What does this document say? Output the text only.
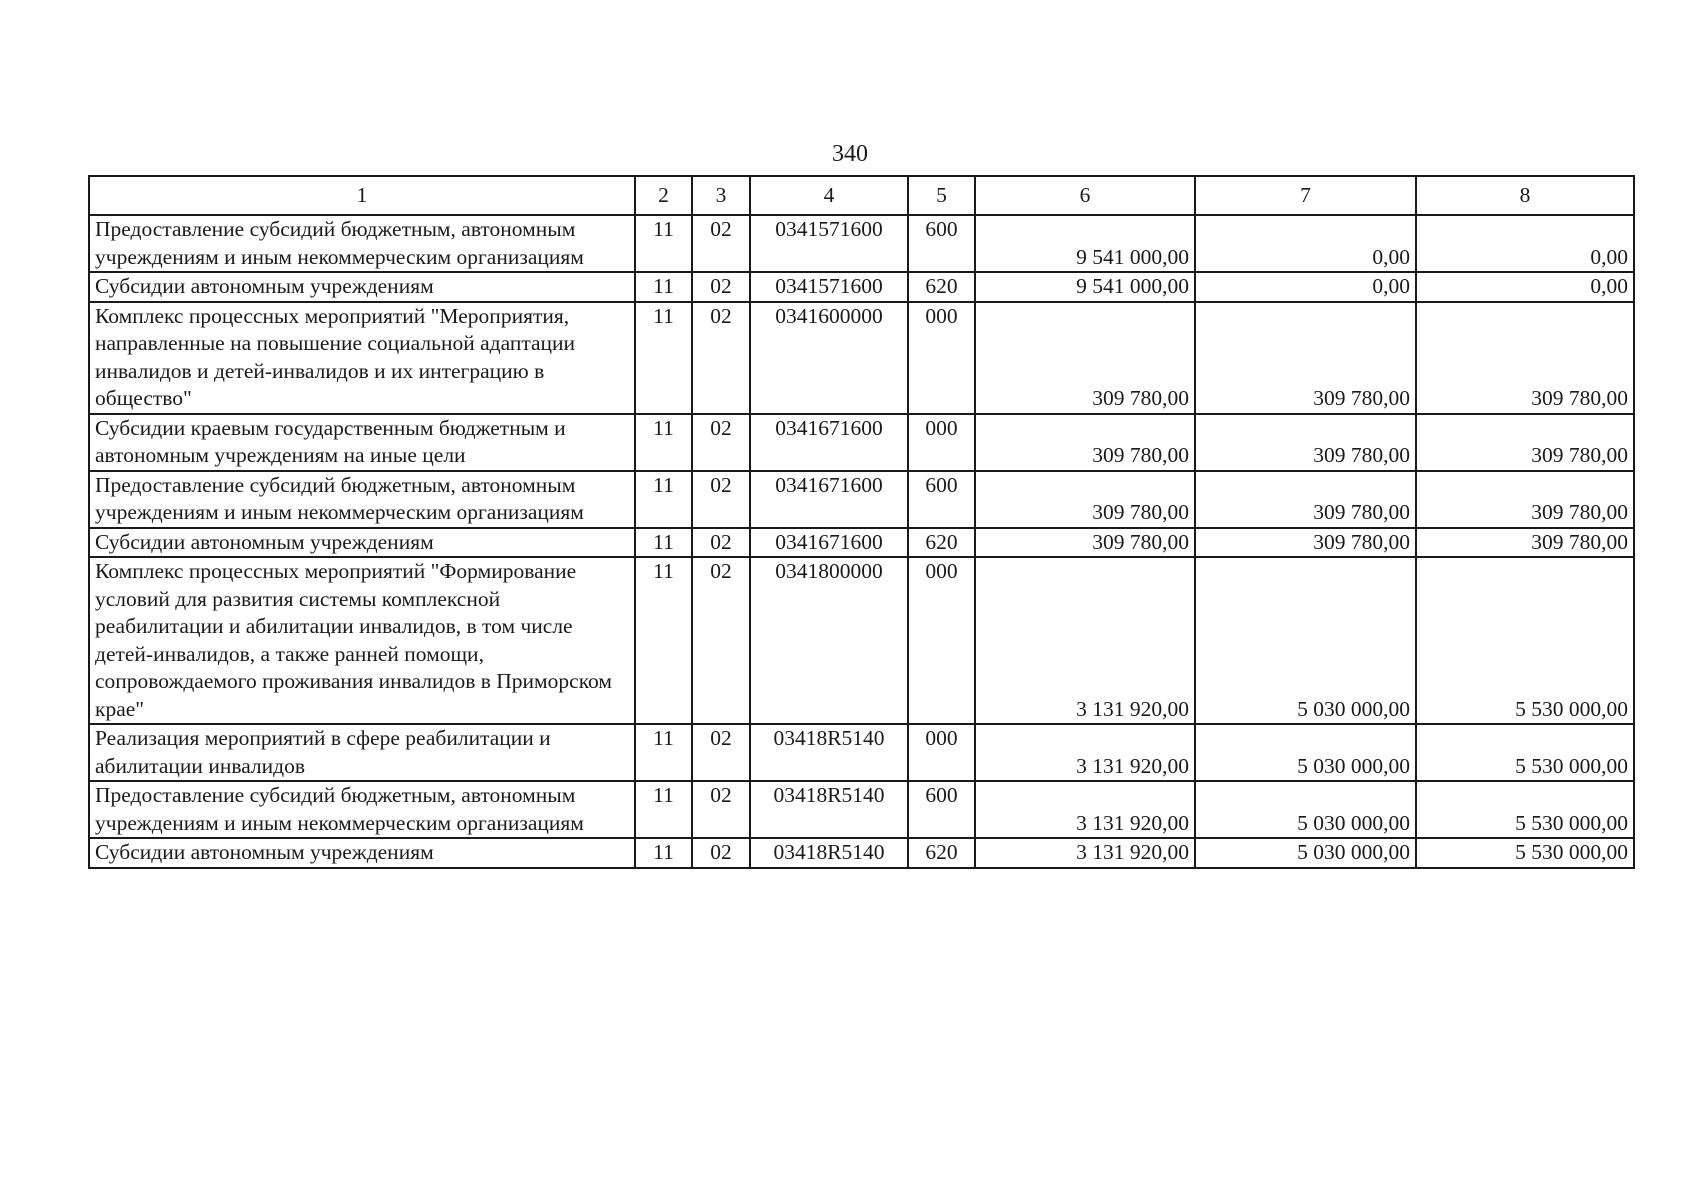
340
1	2	3	4	5	6	7	8
Предоставление субсидий бюджетным, автономным учреждениям и иным некоммерческим организациям	11	02	0341571600	600	9 541 000,00	0,00	0,00
Субсидии автономным учреждениям	11	02	0341571600	620	9 541 000,00	0,00	0,00
Комплекс процессных мероприятий "Мероприятия, направленные на повышение социальной адаптации инвалидов и детей-инвалидов и их интеграцию в общество"	11	02	0341600000	000	309 780,00	309 780,00	309 780,00
Субсидии краевым государственным бюджетным и автономным учреждениям на иные цели	11	02	0341671600	000	309 780,00	309 780,00	309 780,00
Предоставление субсидий бюджетным, автономным учреждениям и иным некоммерческим организациям	11	02	0341671600	600	309 780,00	309 780,00	309 780,00
Субсидии автономным учреждениям	11	02	0341671600	620	309 780,00	309 780,00	309 780,00
Комплекс процессных мероприятий "Формирование условий для развития системы комплексной реабилитации и абилитации инвалидов, в том числе детей-инвалидов, а также ранней помощи, сопровождаемого проживания инвалидов в Приморском крае"	11	02	0341800000	000	3 131 920,00	5 030 000,00	5 530 000,00
Реализация мероприятий в сфере реабилитации и абилитации инвалидов	11	02	03418R5140	000	3 131 920,00	5 030 000,00	5 530 000,00
Предоставление субсидий бюджетным, автономным учреждениям и иным некоммерческим организациям	11	02	03418R5140	600	3 131 920,00	5 030 000,00	5 530 000,00
Субсидии автономным учреждениям	11	02	03418R5140	620	3 131 920,00	5 030 000,00	5 530 000,00
